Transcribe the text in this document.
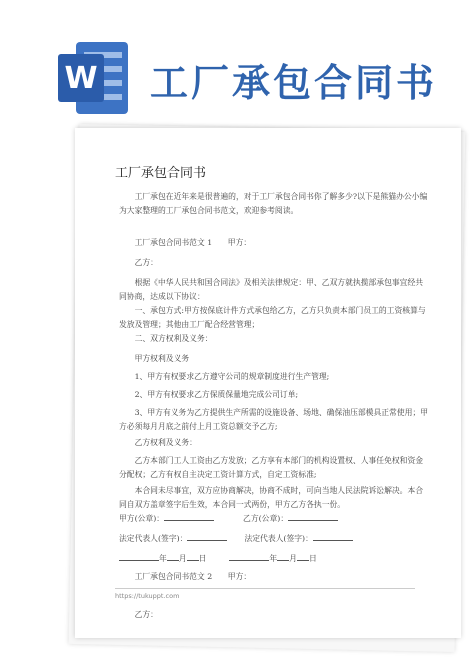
W 工厂承包合同书
工厂承包合同书
工厂承包在近年来是很普遍的，对于工厂承包合同书你了解多少?以下是熊猫办公小编为大家整理的工厂承包合同书范文，欢迎参考阅读。
工厂承包合同书范文 1　　甲方：
乙方：
根据《中华人民共和国合同法》及相关法律规定：甲、乙双方就执揽部承包事宜经共同协商，达成以下协议：
一、承包方式:甲方按保底计件方式承包给乙方，乙方只负责本部门员工的工资核算与发放及管理；其他由工厂配合经营管理；
二、双方权利及义务：
甲方权利及义务
1、甲方有权要求乙方遵守公司的规章制度进行生产管理;
2、甲方有权要求乙方保质保量地完成公司订单;
3、甲方有义务为乙方提供生产所需的设施设备、场地、确保油压部模具正常使用；甲方必须每月月底之前付上月工资总额交予乙方;
乙方权利及义务：
乙方本部门工人工资由乙方发放；乙方享有本部门的机构设置权、人事任免权和资金分配权；乙方有权自主决定工资计算方式，自定工资标准;
本合同未尽事宜，双方应协商解决，协商不成时，可向当地人民法院诉讼解决。本合同自双方盖章签字后生效，本合同一式两份，甲方乙方各执一份。
甲方(公章)：	乙方(公章)：
法定代表人(签字)：	法定代表人(签字)：
年 月 日	年 月 日
工厂承包合同书范文 2　　甲方：
https://tukuppt.com
乙方：
